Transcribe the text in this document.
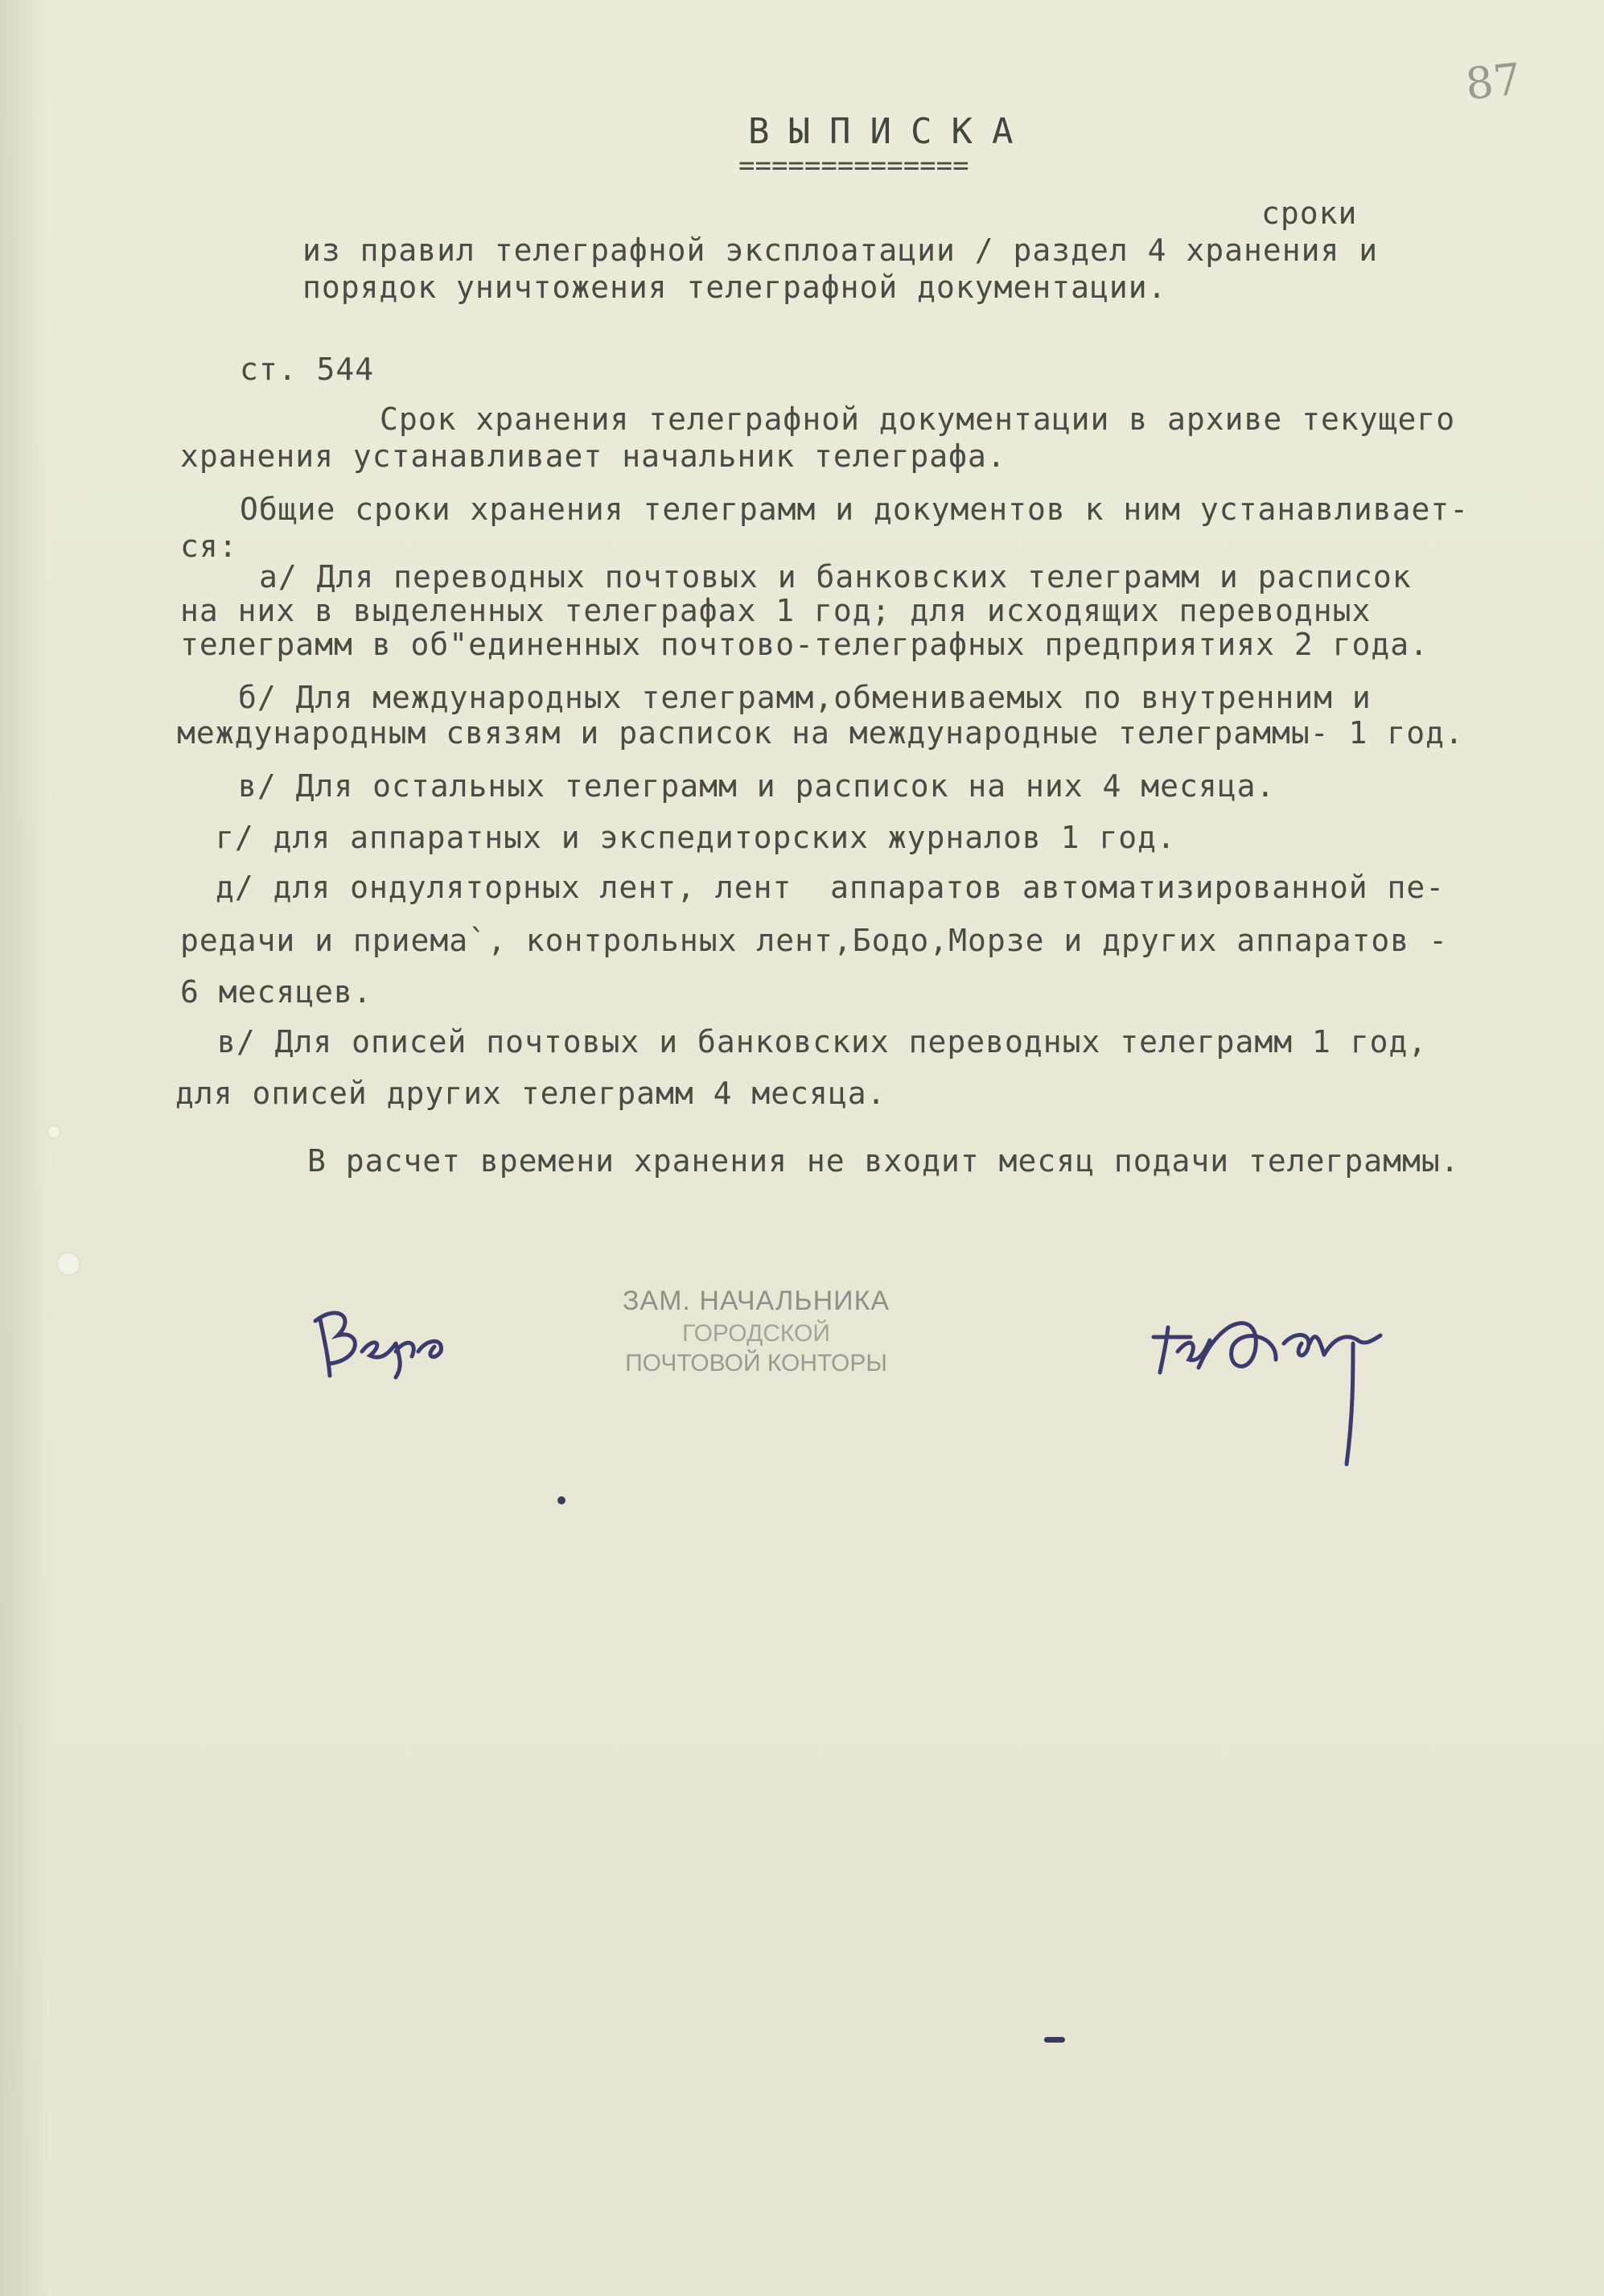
87
ВЫПИСКА
==============
сроки
из правил телеграфной эксплоатации / раздел 4 хранения и
порядок уничтожения телеграфной документации.
ст. 544
Срок хранения телеграфной документации в архиве текущего
хранения устанавливает начальник телеграфа.
Общие сроки хранения телеграмм и документов к ним устанавливает-
ся:
а/ Для переводных почтовых и банковских телеграмм и расписок
на них в выделенных телеграфах 1 год; для исходящих переводных
телеграмм в об"единенных почтово-телеграфных предприятиях 2 года.
б/ Для международных телеграмм,обмениваемых по внутренним и
международным связям и расписок на международные телеграммы- 1 год.
в/ Для остальных телеграмм и расписок на них 4 месяца.
г/ для аппаратных и экспедиторских журналов 1 год.
д/ для ондуляторных лент, лент  аппаратов автоматизированной пе-
редачи и приема`, контрольных лент,Бодо,Морзе и других аппаратов -
6 месяцев.
в/ Для описей почтовых и банковских переводных телеграмм 1 год,
для описей других телеграмм 4 месяца.
В расчет времени хранения не входит месяц подачи телеграммы.
ЗАМ. НАЧАЛЬНИКА
ГОРОДСКОЙ
ПОЧТОВОЙ КОНТОРЫ
